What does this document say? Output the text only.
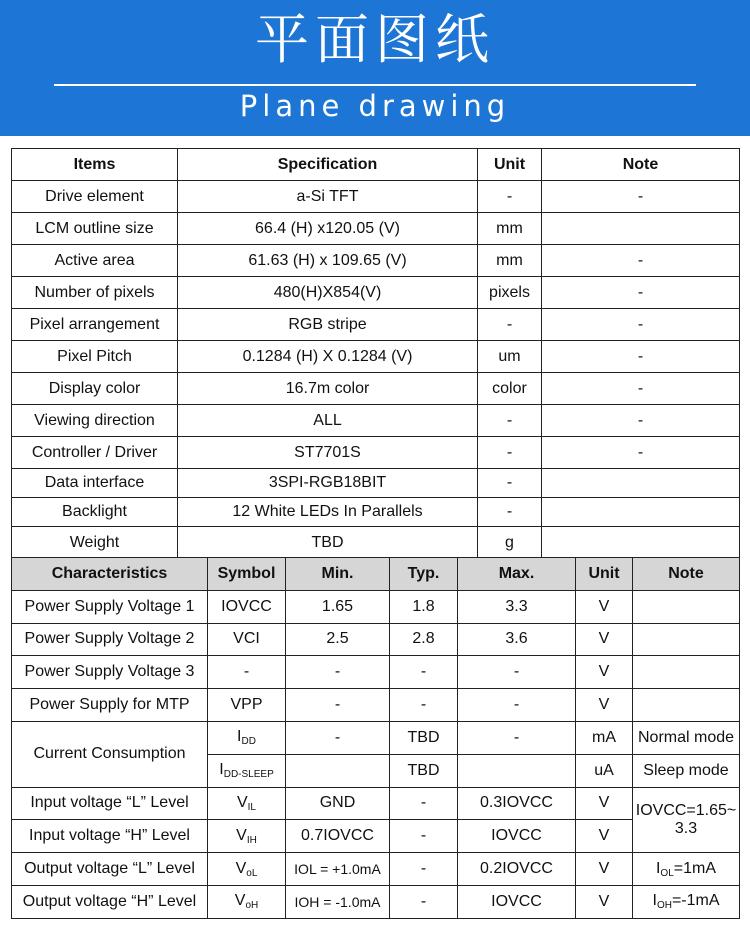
平面图纸
Plane drawing
Items	Specification	Unit	Note
Drive element	a-Si TFT	-	-
LCM outline size	66.4 (H) x120.05 (V)	mm	
Active area	61.63 (H) x 109.65 (V)	mm	-
Number of pixels	480(H)X854(V)	pixels	-
Pixel arrangement	RGB stripe	-	-
Pixel Pitch	0.1284 (H) X 0.1284 (V)	um	-
Display color	16.7m color	color	-
Viewing direction	ALL	-	-
Controller / Driver	ST7701S	-	-
Data interface	3SPI-RGB18BIT	-	
Backlight	12 White LEDs In Parallels	-	
Weight	TBD	g	
Characteristics	Symbol	Min.	Typ.	Max.	Unit	Note
Power Supply Voltage 1	IOVCC	1.65	1.8	3.3	V	
Power Supply Voltage 2	VCI	2.5	2.8	3.6	V	
Power Supply Voltage 3	-	-	-	-	V	
Power Supply for MTP	VPP	-	-	-	V	
Current Consumption	$I_{DD}$	-	TBD	-	mA	Normal mode
	$I_{DD-SLEEP}$		TBD		uA	Sleep mode
Input voltage “L” Level	$V_{IL}$	GND	-	0.3IOVCC	V	IOVCC=1.65~
3.3

Input voltage “H” Level	$V_{IH}$	0.7IOVCC	-	IOVCC	V	
Output voltage “L” Level	$V_{oL}$	IOL = +1.0mA	-	0.2IOVCC	V	$I_{OL}=1mA$
Output voltage “H” Level	$V_{oH}$	IOH = -1.0mA	-	IOVCC	V	$I_{OH}=-1mA$
